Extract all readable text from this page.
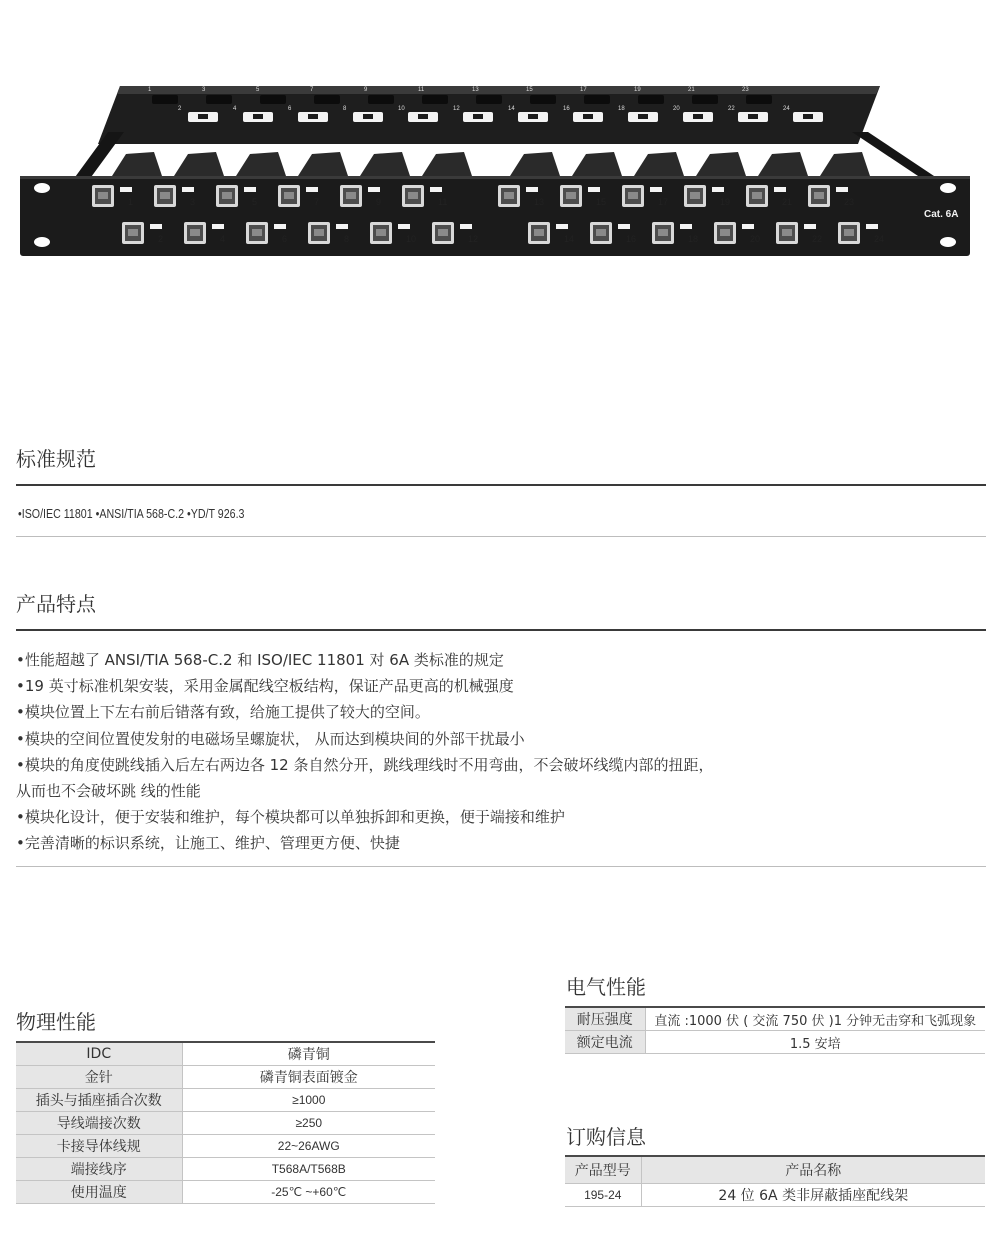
1
2
3
4
5
6
7
8
9
10
11
12
13
14
15
16
17
18
19
20
21
22
23
24
1
2
3
4
5
6
7
8
9
10
11
12
13
14
15
16
17
18
19
20
21
22
23
24
Cat. 6A
标准规范
•ISO/IEC 11801 •ANSI/TIA 568-C.2 •YD/T 926.3
产品特点
•性能超越了 ANSI/TIA 568-C.2 和 ISO/IEC 11801 对 6A 类标准的规定
•19 英寸标准机架安装，采用金属配线空板结构，保证产品更高的机械强度
•模块位置上下左右前后错落有致，给施工提供了较大的空间。
•模块的空间位置使发射的电磁场呈螺旋状， 从而达到模块间的外部干扰最小
•模块的角度使跳线插入后左右两边各 12 条自然分开，跳线理线时不用弯曲，不会破坏线缆内部的扭距，
从而也不会破坏跳 线的性能
•模块化设计，便于安装和维护，每个模块都可以单独拆卸和更换，便于端接和维护
•完善清晰的标识系统，让施工、维护、管理更方便、快捷
物理性能
IDC	磷青铜
金针	磷青铜表面镀金
插头与插座插合次数	≥1000
导线端接次数	≥250
卡接导体线规	22~26AWG
端接线序	T568A/T568B
使用温度	-25℃ ~+60℃
电气性能
耐压强度	直流 :1000 伏 ( 交流 750 伏 )1 分钟无击穿和飞弧现象
额定电流	1.5 安培
订购信息
产品型号	产品名称
195-24	24 位 6A 类非屏蔽插座配线架
